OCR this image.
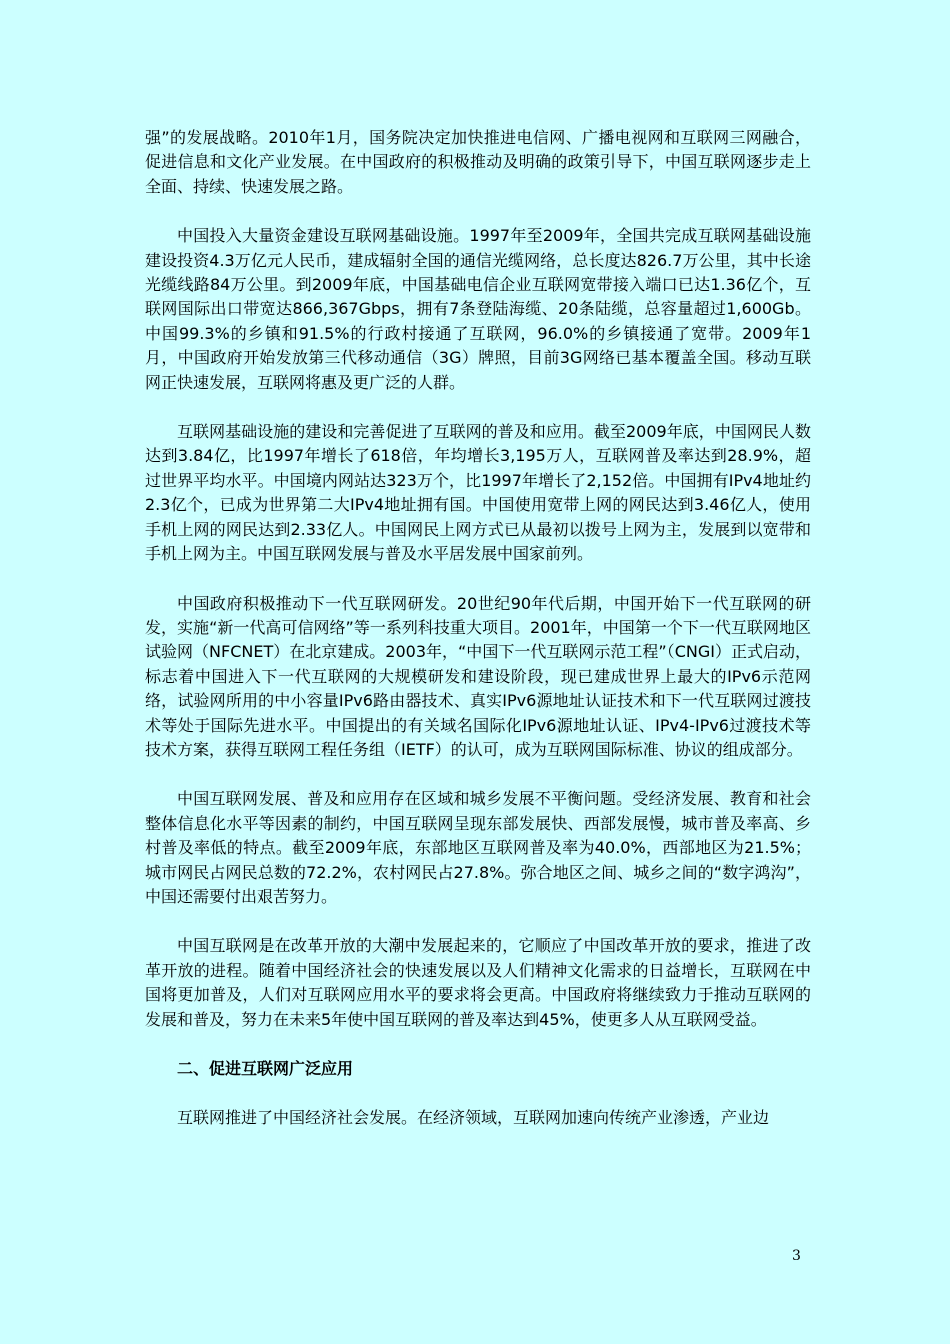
强”的发展战略。2010年1月，国务院决定加快推进电信网、广播电视网和互联网三网融合，促进信息和文化产业发展。在中国政府的积极推动及明确的政策引导下，中国互联网逐步走上全面、持续、快速发展之路。

中国投入大量资金建设互联网基础设施。1997年至2009年，全国共完成互联网基础设施建设投资4.3万亿元人民币，建成辐射全国的通信光缆网络，总长度达826.7万公里，其中长途光缆线路84万公里。到2009年底，中国基础电信企业互联网宽带接入端口已达1.36亿个，互联网国际出口带宽达866,367Gbps，拥有7条登陆海缆、20条陆缆，总容量超过1,600Gb。中国99.3%的乡镇和91.5%的行政村接通了互联网，96.0%的乡镇接通了宽带。2009年1月，中国政府开始发放第三代移动通信（3G）牌照，目前3G网络已基本覆盖全国。移动互联网正快速发展，互联网将惠及更广泛的人群。

互联网基础设施的建设和完善促进了互联网的普及和应用。截至2009年底，中国网民人数达到3.84亿，比1997年增长了618倍，年均增长3,195万人，互联网普及率达到28.9%，超过世界平均水平。中国境内网站达323万个，比1997年增长了2,152倍。中国拥有IPv4地址约2.3亿个，已成为世界第二大IPv4地址拥有国。中国使用宽带上网的网民达到3.46亿人，使用手机上网的网民达到2.33亿人。中国网民上网方式已从最初以拨号上网为主，发展到以宽带和手机上网为主。中国互联网发展与普及水平居发展中国家前列。

中国政府积极推动下一代互联网研发。20世纪90年代后期，中国开始下一代互联网的研发，实施“新一代高可信网络”等一系列科技重大项目。2001年，中国第一个下一代互联网地区试验网（NFCNET）在北京建成。2003年，“中国下一代互联网示范工程”（CNGI）正式启动，标志着中国进入下一代互联网的大规模研发和建设阶段，现已建成世界上最大的IPv6示范网络，试验网所用的中小容量IPv6路由器技术、真实IPv6源地址认证技术和下一代互联网过渡技术等处于国际先进水平。中国提出的有关域名国际化IPv6源地址认证、IPv4-IPv6过渡技术等技术方案，获得互联网工程任务组（IETF）的认可，成为互联网国际标准、协议的组成部分。

中国互联网发展、普及和应用存在区域和城乡发展不平衡问题。受经济发展、教育和社会整体信息化水平等因素的制约，中国互联网呈现东部发展快、西部发展慢，城市普及率高、乡村普及率低的特点。截至2009年底，东部地区互联网普及率为40.0%，西部地区为21.5%；城市网民占网民总数的72.2%，农村网民占27.8%。弥合地区之间、城乡之间的“数字鸿沟”，中国还需要付出艰苦努力。

中国互联网是在改革开放的大潮中发展起来的，它顺应了中国改革开放的要求，推进了改革开放的进程。随着中国经济社会的快速发展以及人们精神文化需求的日益增长，互联网在中国将更加普及，人们对互联网应用水平的要求将会更高。中国政府将继续致力于推动互联网的发展和普及，努力在未来5年使中国互联网的普及率达到45%，使更多人从互联网受益。

二、促进互联网广泛应用

互联网推进了中国经济社会发展。在经济领域，互联网加速向传统产业渗透，产业边

3
